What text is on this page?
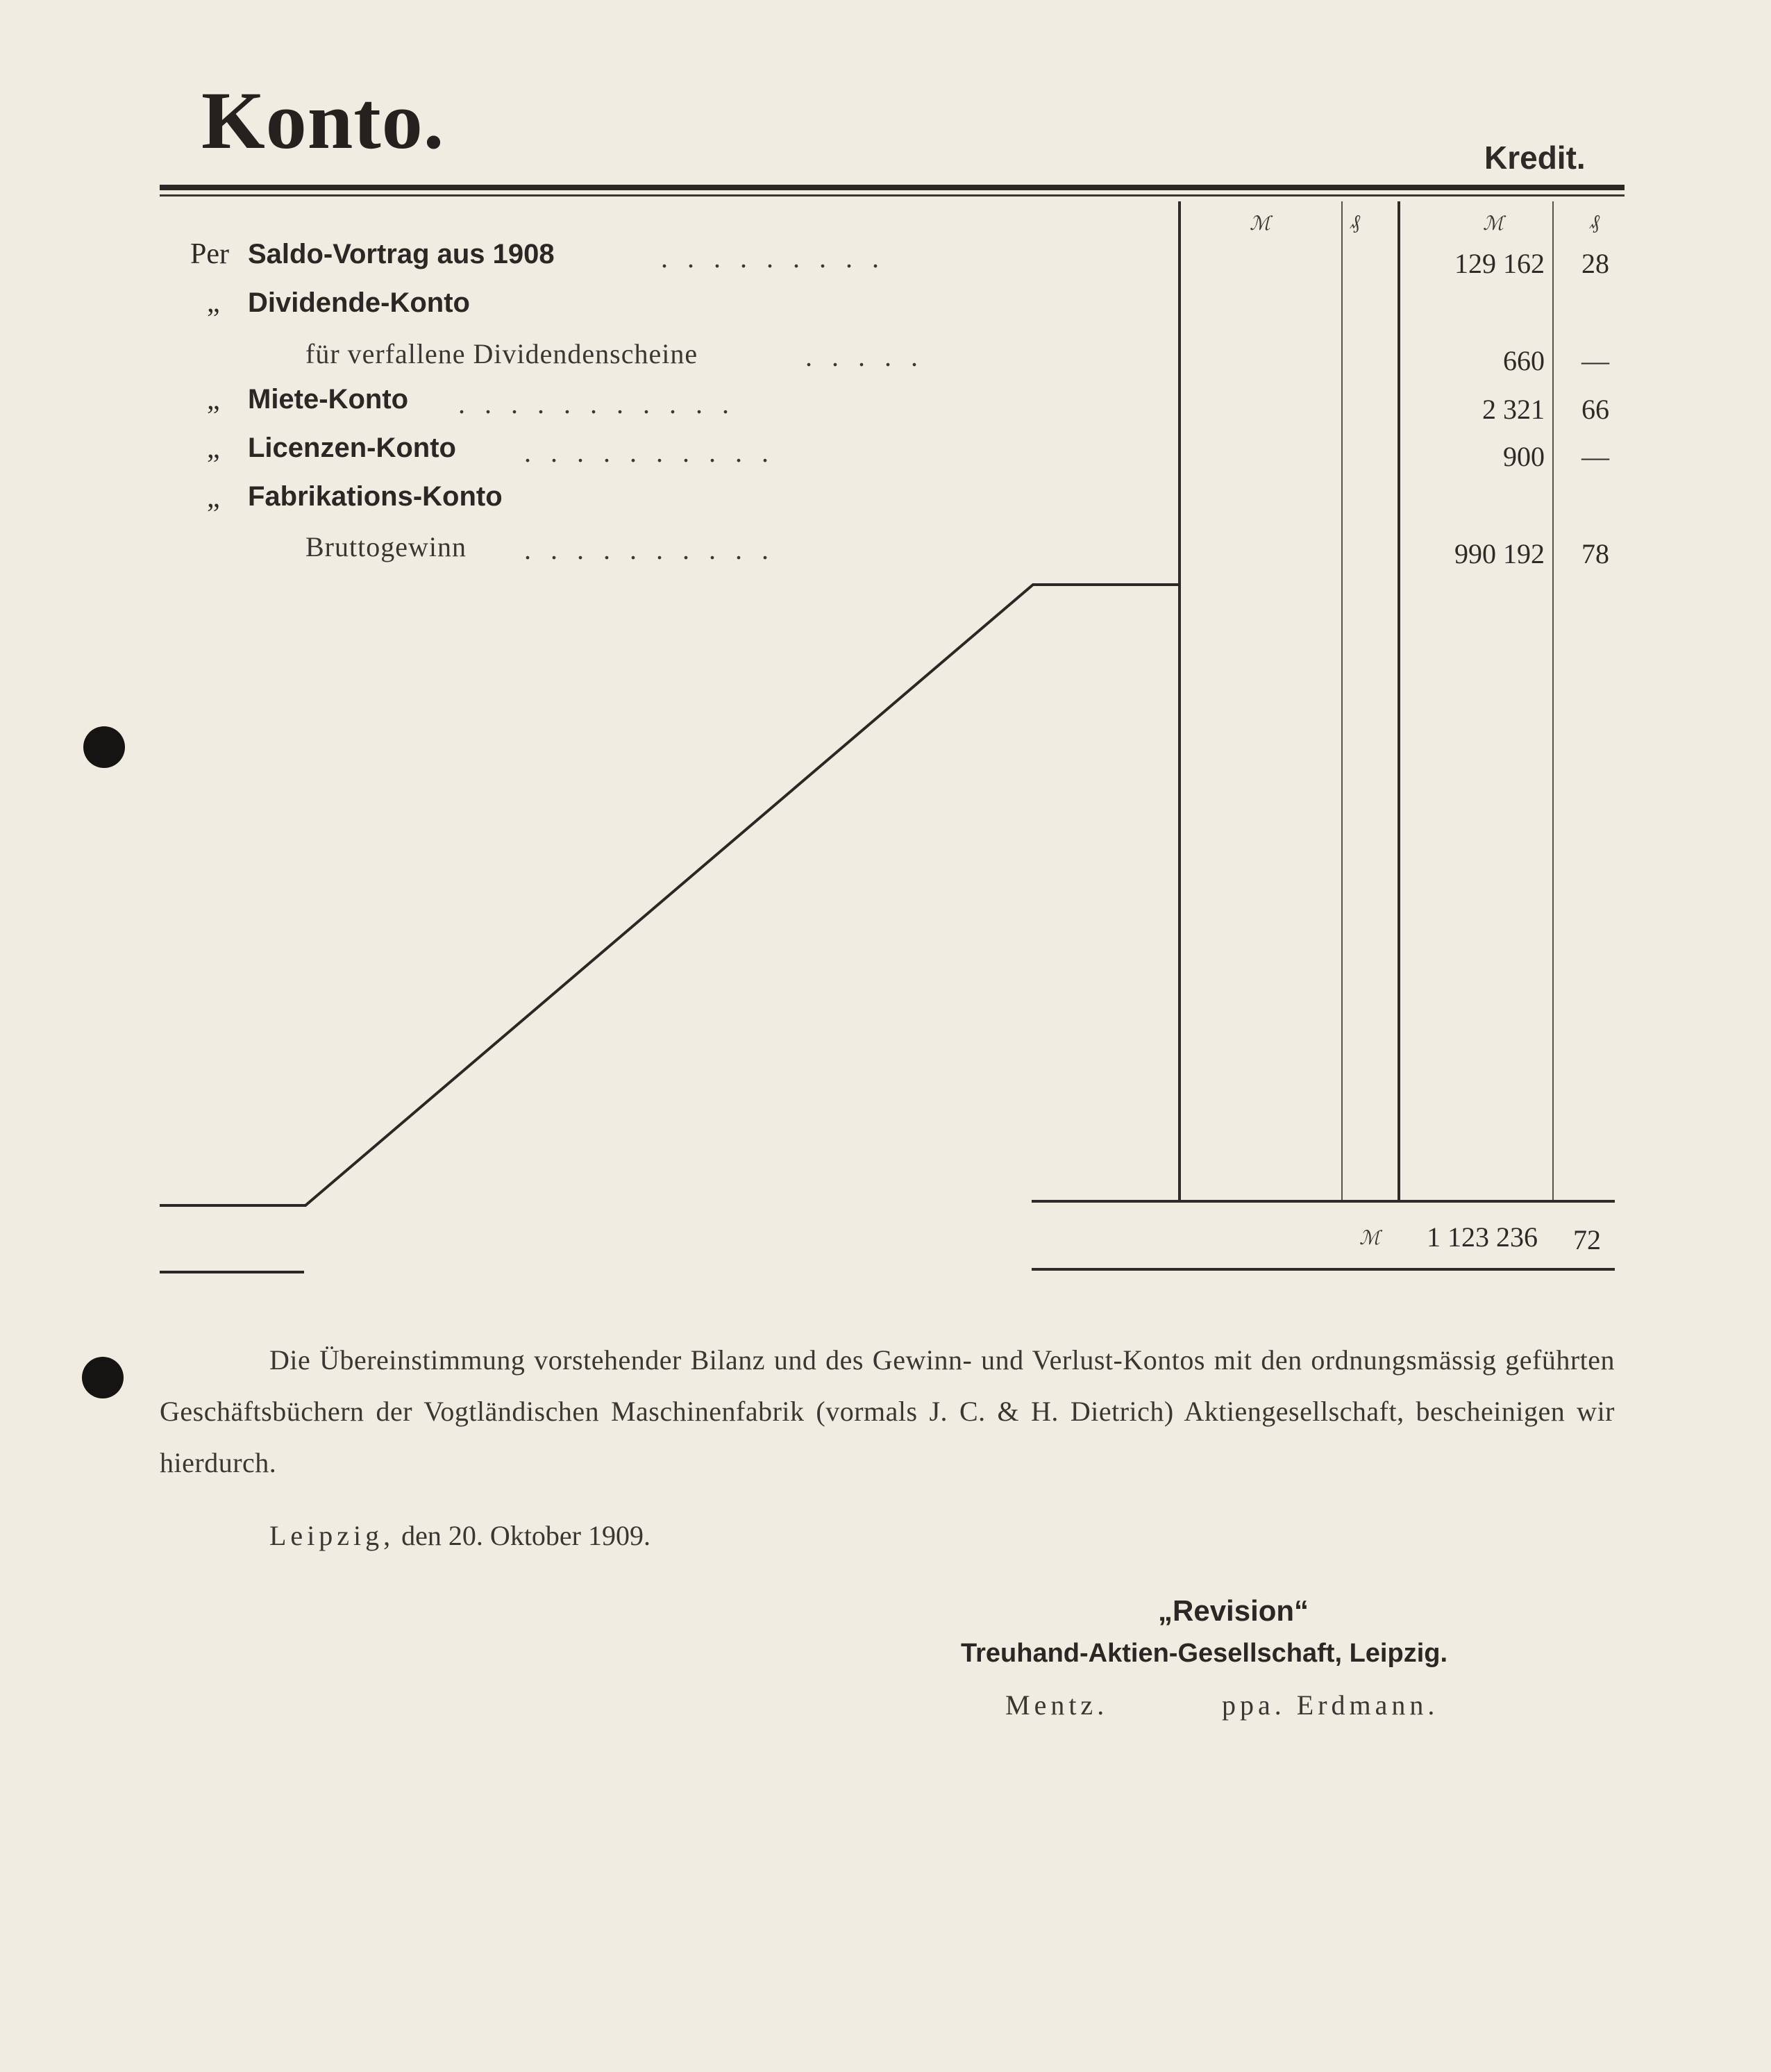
Konto.	Kredit.
ℳ	₰	ℳ	₰
Per Saldo-Vortrag aus 1908	.........	129 162	28
„ Dividende-Konto
für verfallene Dividendenscheine	.....	660	—
„ Miete-Konto ...........	2 321	66
„ Licenzen-Konto ..........	900	—
„ Fabrikations-Konto
Bruttogewinn ..........	990 192	78
ℳ	1 123 236	72
Die Übereinstimmung vorstehender Bilanz und des Gewinn- und Verlust-Kontos mit den ordnungsmässig geführten Geschäftsbüchern der Vogtländischen Maschinenfabrik (vormals J. C. & H. Dietrich) Aktiengesellschaft, bescheinigen wir hierdurch.
Leipzig, den 20. Oktober 1909.
„Revision“
Treuhand-Aktien-Gesellschaft, Leipzig.
Mentz.	ppa. Erdmann.
